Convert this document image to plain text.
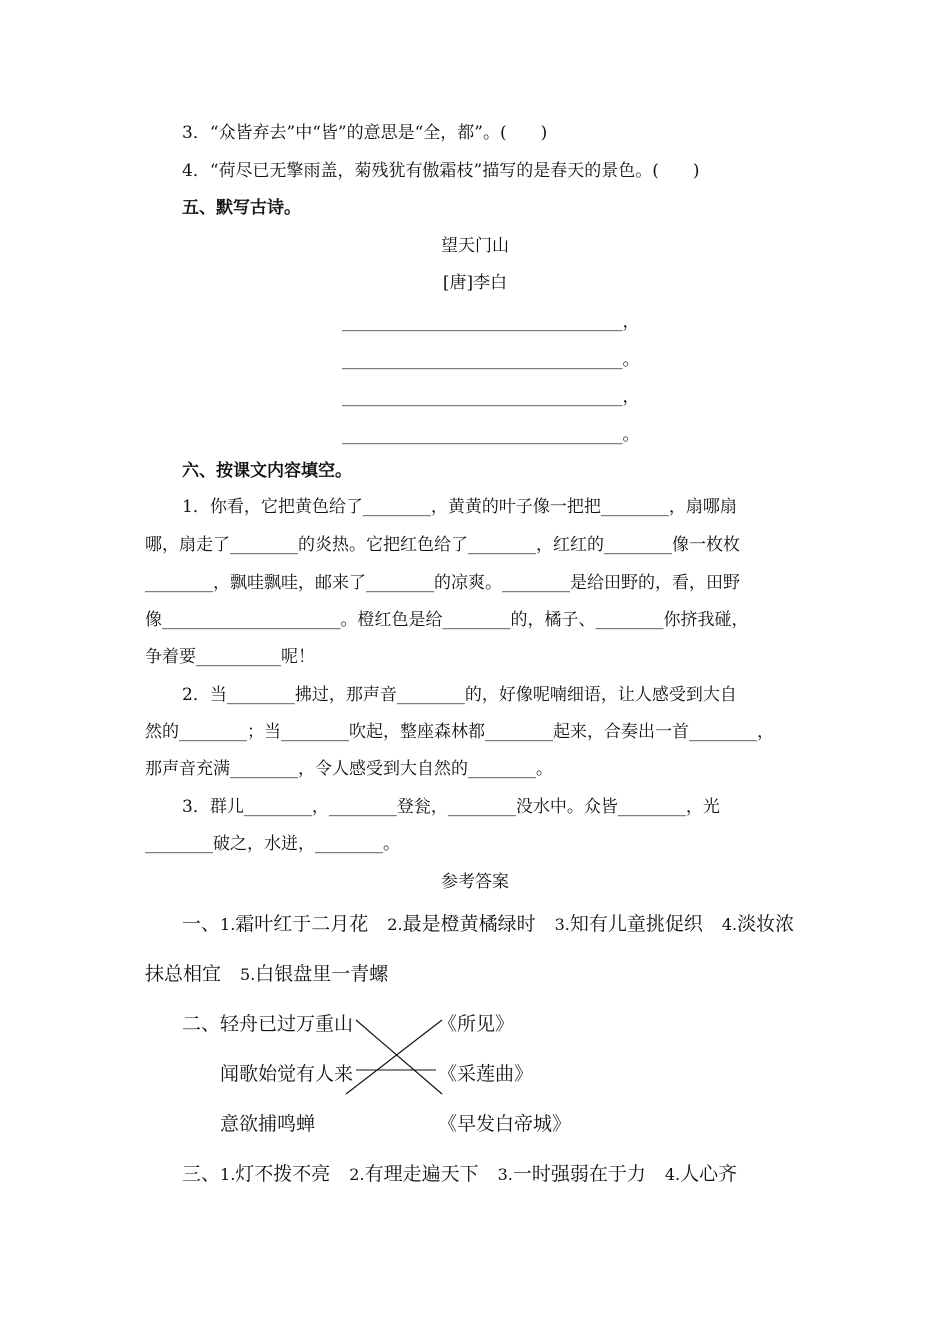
3．“众皆弃去”中“皆”的意思是“全，都”。(　　)
4．“荷尽已无擎雨盖，菊残犹有傲霜枝”描写的是春天的景色。(　　)
五、默写古诗。
望天门山
[唐]李白
_________________________________，
_________________________________。
_________________________________，
_________________________________。
六、按课文内容填空。
1．你看，它把黄色给了________，黄黄的叶子像一把把________，扇哪扇
哪，扇走了________的炎热。它把红色给了________，红红的________像一枚枚
________，飘哇飘哇，邮来了________的凉爽。________是给田野的，看，田野
像_____________________。橙红色是给________的，橘子、________你挤我碰，
争着要__________呢！
2．当________拂过，那声音________的，好像呢喃细语，让人感受到大自
然的________；当________吹起，整座森林都________起来，合奏出一首________，
那声音充满________，令人感受到大自然的________。
3．群儿________，________登瓮，________没水中。众皆________，光
________破之，水迸，________。
参考答案
一、1.霜叶红于二月花　2.最是橙黄橘绿时　3.知有儿童挑促织　4.淡妆浓
抹总相宜　5.白银盘里一青螺
二、 轻舟已过万重山
闻歌始觉有人来
意欲捕鸣蝉
《所见》
《采莲曲》
《早发白帝城》
三、1.灯不拨不亮　2.有理走遍天下　3.一时强弱在于力　4.人心齐
